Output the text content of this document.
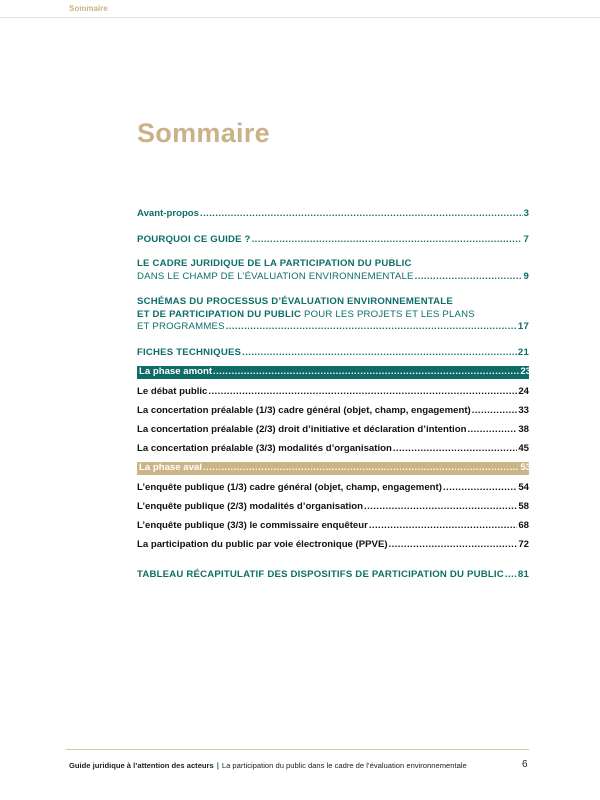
Sommaire
Sommaire
Avant-propos .....	3
POURQUOI CE GUIDE ? .....	7
LE CADRE JURIDIQUE DE LA PARTICIPATION DU PUBLIC
DANS LE CHAMP DE L’ÉVALUATION ENVIRONNEMENTALE .....	9
SCHÉMAS DU PROCESSUS D’ÉVALUATION ENVIRONNEMENTALE
ET DE PARTICIPATION DU PUBLIC POUR LES PROJETS ET LES PLANS
ET PROGRAMMES .....	17
FICHES TECHNIQUES .....	21
La phase amont .....	23
Le débat public .....	24
La concertation préalable (1/3) cadre général (objet, champ, engagement) .....	33
La concertation préalable (2/3) droit d’initiative et déclaration d’intention .....	38
La concertation préalable (3/3) modalités d’organisation .....	45
La phase aval .....	53
L’enquête publique (1/3) cadre général (objet, champ, engagement) .....	54
L’enquête publique (2/3) modalités d’organisation .....	58
L’enquête publique (3/3) le commissaire enquêteur .....	68
La participation du public par voie électronique (PPVE) .....	72
TABLEAU RÉCAPITULATIF DES DISPOSITIFS DE PARTICIPATION DU PUBLIC ..... 81
Guide juridique à l’attention des acteurs | La participation du public dans le cadre de l’évaluation environnementale	6
